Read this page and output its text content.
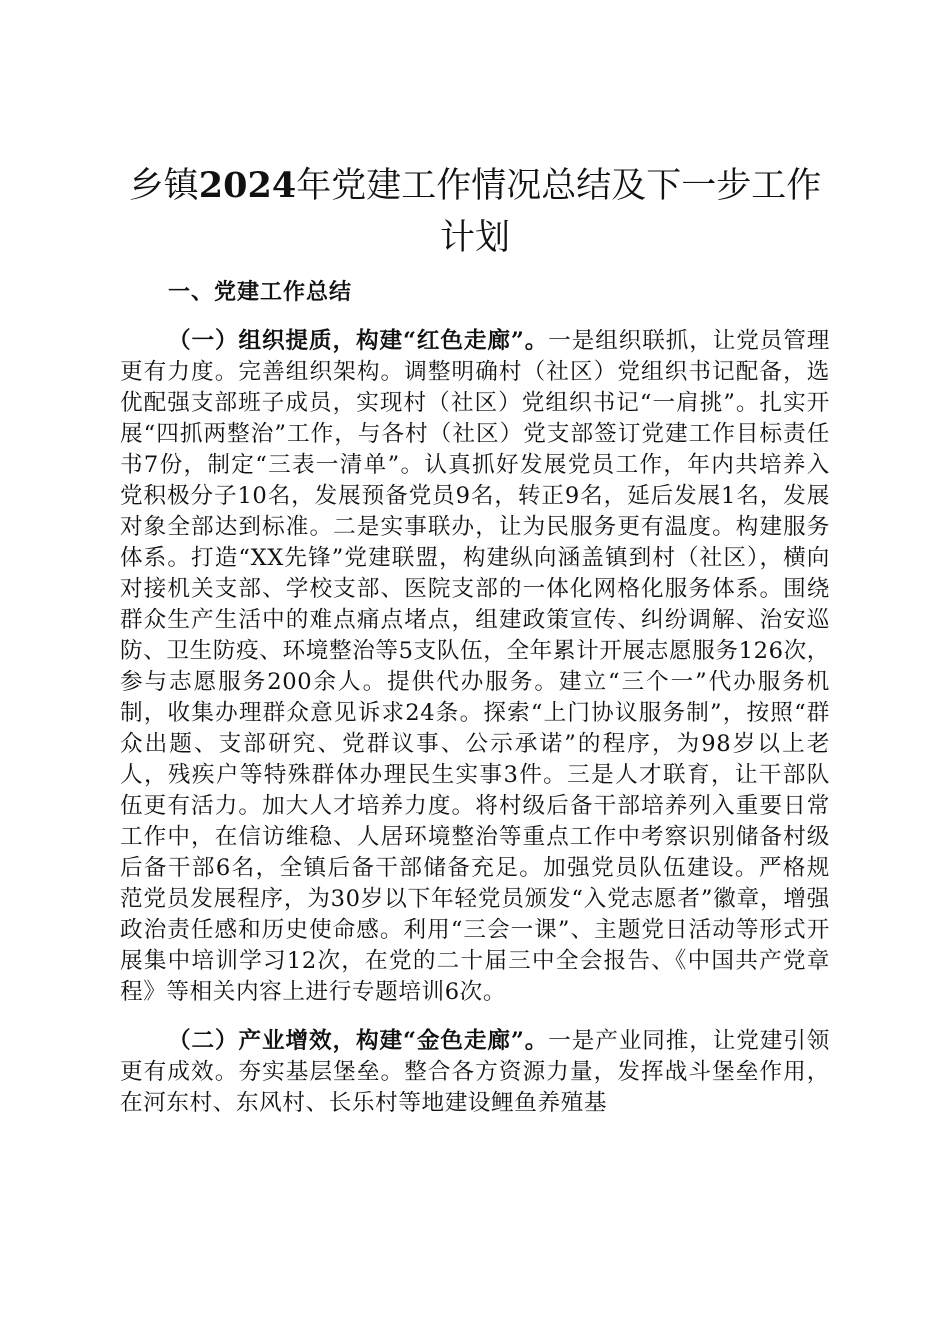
乡镇2024年党建工作情况总结及下一步工作
计划
一、党建工作总结

（一）组织提质，构建“红色走廊”。一是组织联抓，让党员管理更有力度。完善组织架构。调整明确村（社区）党组织书记配备，选优配强支部班子成员，实现村（社区）党组织书记“一肩挑”。扎实开展“四抓两整治”工作，与各村（社区）党支部签订党建工作目标责任书7份，制定“三表一清单”。认真抓好发展党员工作，年内共培养入党积极分子10名，发展预备党员9名，转正9名，延后发展1名，发展对象全部达到标准。二是实事联办，让为民服务更有温度。构建服务体系。打造“XX先锋”党建联盟，构建纵向涵盖镇到村（社区），横向对接机关支部、学校支部、医院支部的一体化网格化服务体系。围绕群众生产生活中的难点痛点堵点，组建政策宣传、纠纷调解、治安巡防、卫生防疫、环境整治等5支队伍，全年累计开展志愿服务126次，参与志愿服务200余人。提供代办服务。建立“三个一”代办服务机制，收集办理群众意见诉求24条。探索“上门协议服务制”，按照“群众出题、支部研究、党群议事、公示承诺”的程序，为98岁以上老人，残疾户等特殊群体办理民生实事3件。三是人才联育，让干部队伍更有活力。加大人才培养力度。将村级后备干部培养列入重要日常工作中，在信访维稳、人居环境整治等重点工作中考察识别储备村级后备干部6名，全镇后备干部储备充足。加强党员队伍建设。严格规范党员发展程序，为30岁以下年轻党员颁发“入党志愿者”徽章，增强政治责任感和历史使命感。利用“三会一课”、主题党日活动等形式开展集中培训学习12次，在党的二十届三中全会报告、《中国共产党章程》等相关内容上进行专题培训6次。

（二）产业增效，构建“金色走廊”。一是产业同推，让党建引领更有成效。夯实基层堡垒。整合各方资源力量，发挥战斗堡垒作用，在河东村、东风村、长乐村等地建设鲤鱼养殖基
